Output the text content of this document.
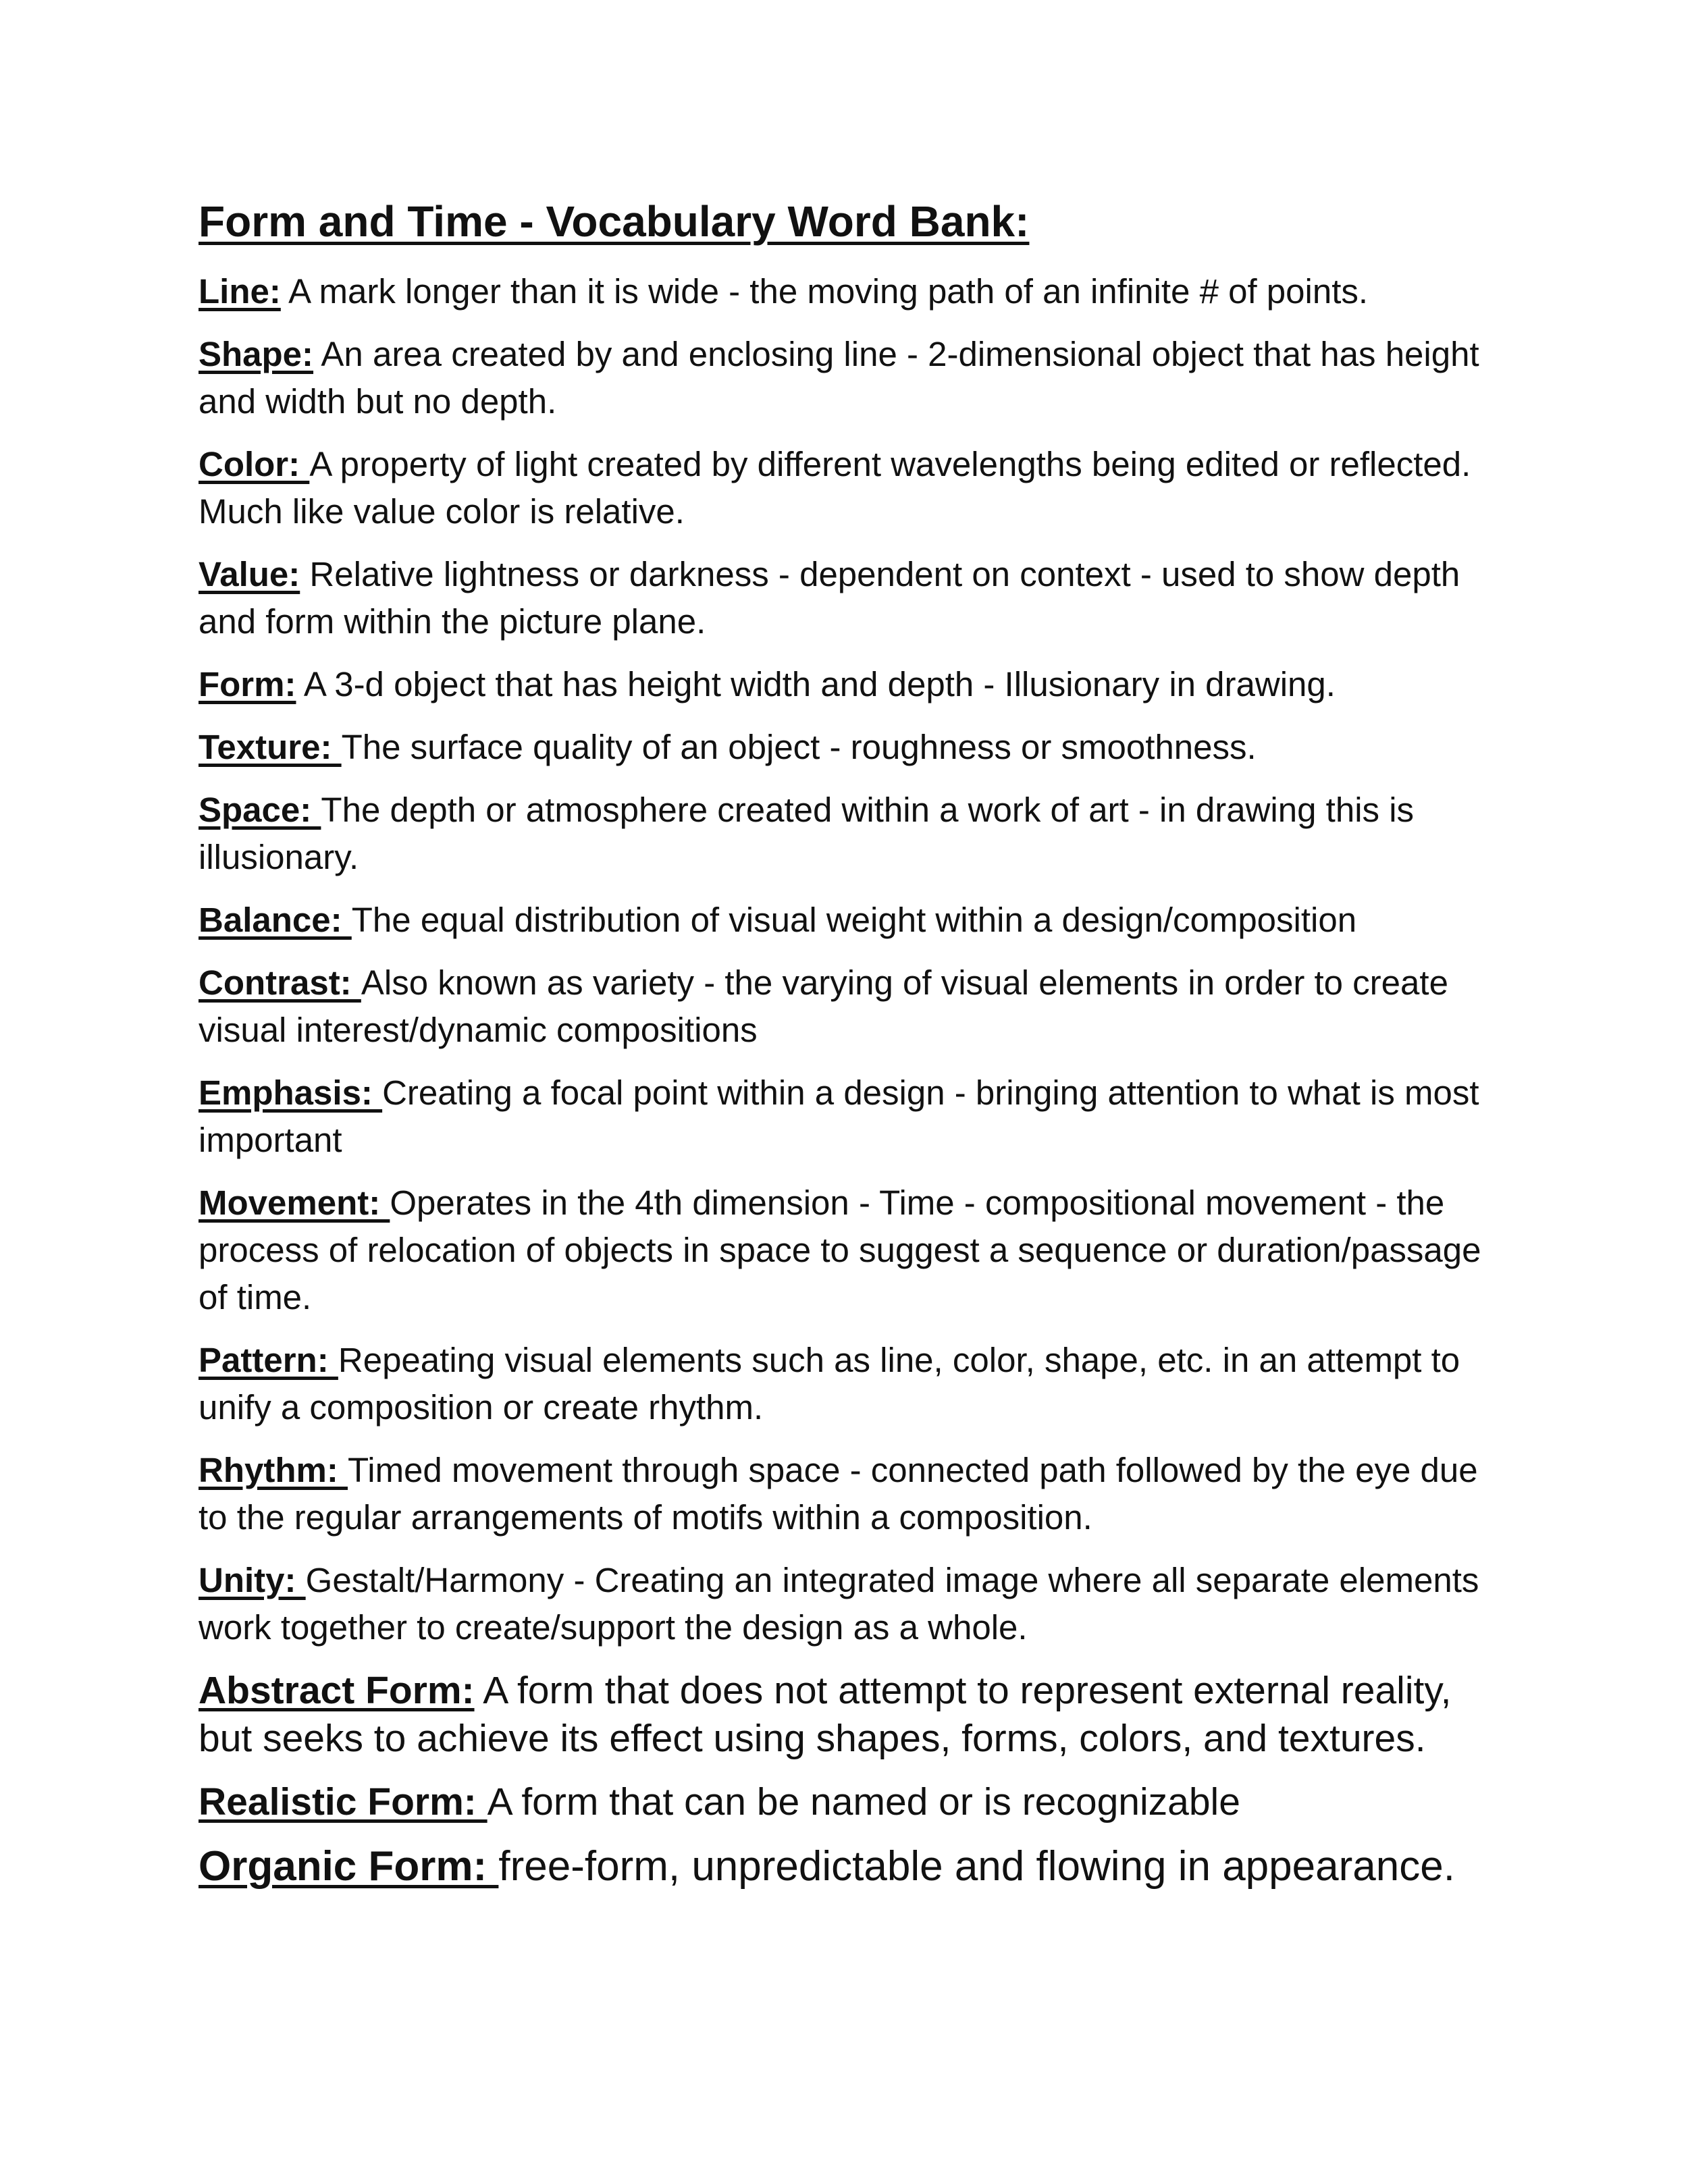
Form and Time - Vocabulary Word Bank:
Line: A mark longer than it is wide - the moving path of an infinite # of points.
Shape: An area created by and enclosing line - 2-dimensional object that has height and width but no depth.
Color: A property of light created by different wavelengths being edited or reflected. Much like value color is relative.
Value: Relative lightness or darkness - dependent on context - used to show depth and form within the picture plane.
Form: A 3-d object that has height width and depth - Illusionary in drawing.
Texture: The surface quality of an object - roughness or smoothness.
Space: The depth or atmosphere created within a work of art - in drawing this is illusionary.
Balance: The equal distribution of visual weight within a design/composition
Contrast: Also known as variety - the varying of visual elements in order to create visual interest/dynamic compositions
Emphasis: Creating a focal point within a design - bringing attention to what is most important
Movement: Operates in the 4th dimension - Time - compositional movement - the process of relocation of objects in space to suggest a sequence or duration/passage of time.
Pattern: Repeating visual elements such as line, color, shape, etc. in an attempt to unify a composition or create rhythm.
Rhythm: Timed movement through space - connected path followed by the eye due to the regular arrangements of motifs within a composition.
Unity: Gestalt/Harmony - Creating an integrated image where all separate elements work together to create/support the design as a whole.
Abstract Form: A form that does not attempt to represent external reality, but seeks to achieve its effect using shapes, forms, colors, and textures.
Realistic Form: A form that can be named or is recognizable
Organic Form: free-form, unpredictable and flowing in appearance.
